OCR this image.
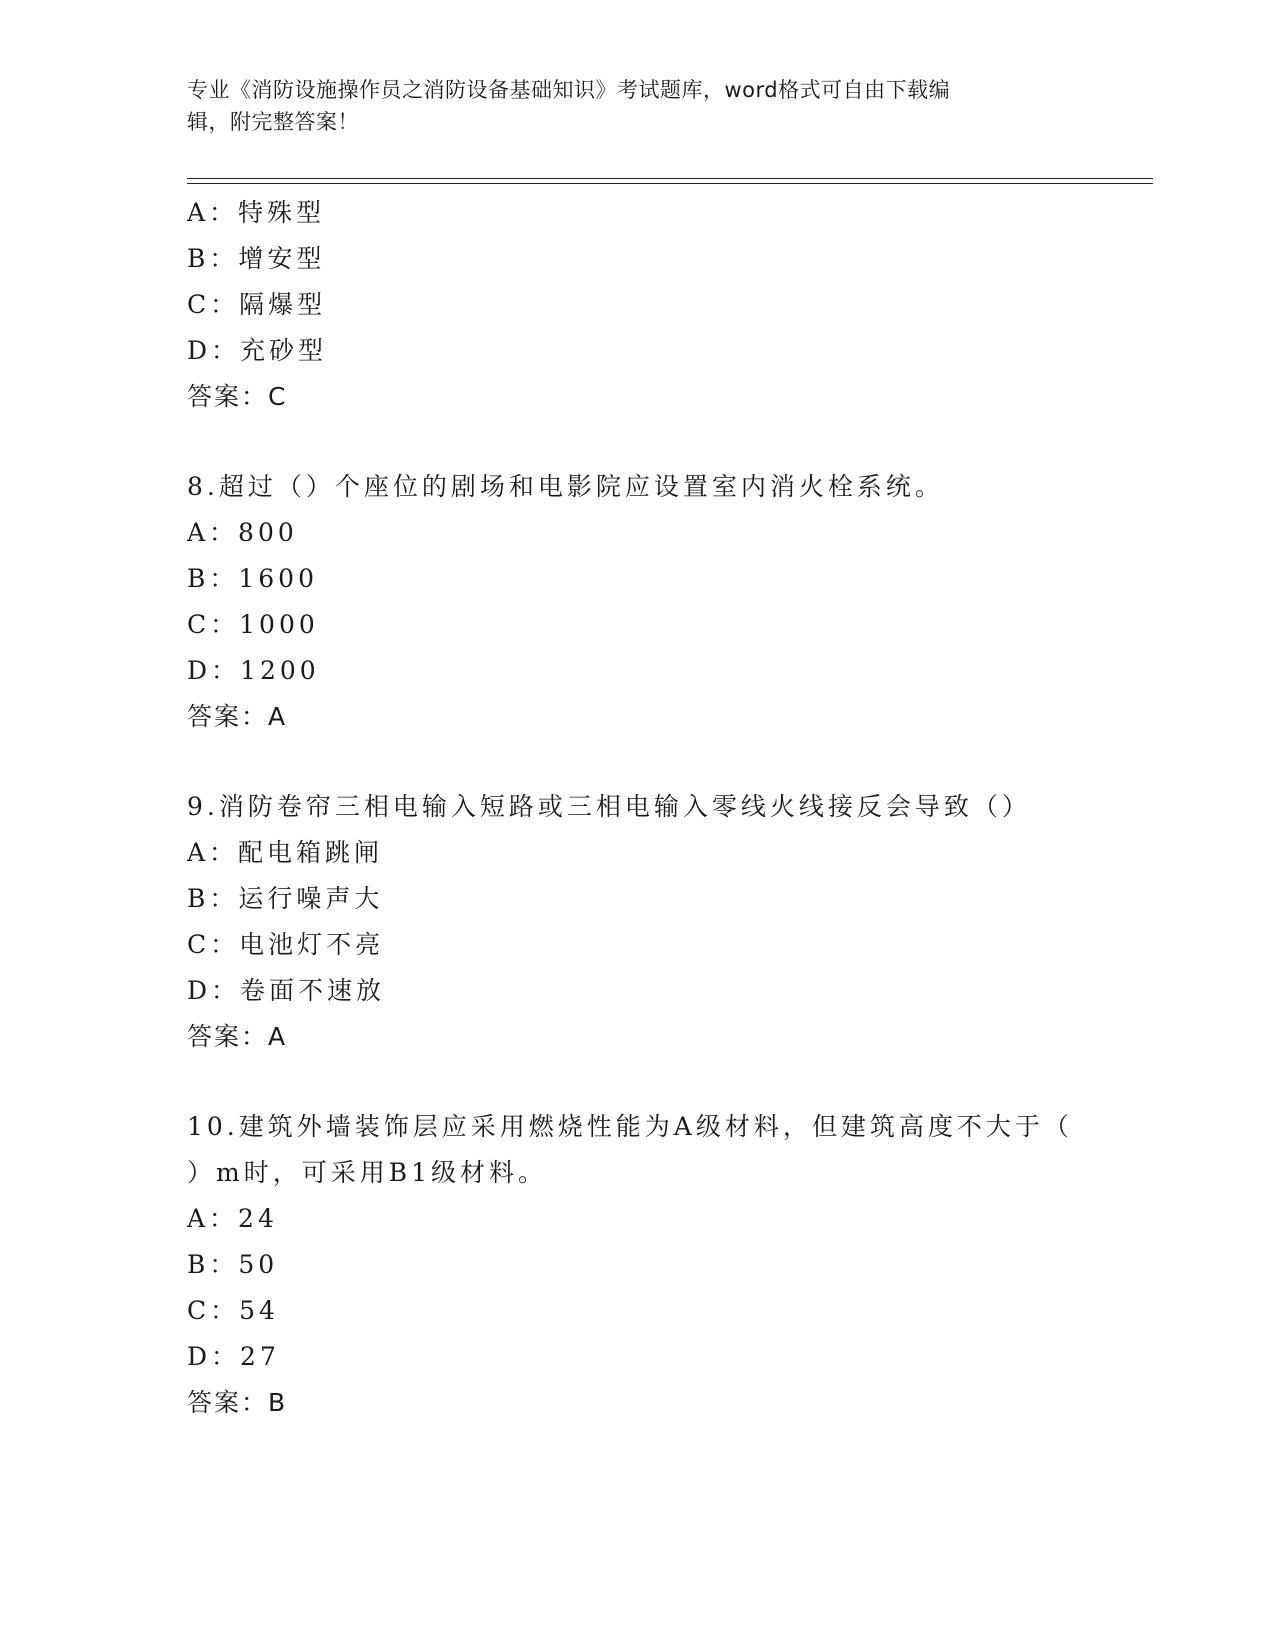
专业《消防设施操作员之消防设备基础知识》考试题库，word格式可自由下载编
辑，附完整答案！
A：特殊型
B：增安型
C：隔爆型
D：充砂型
答案：C
8.超过（）个座位的剧场和电影院应设置室内消火栓系统。
A：800
B：1600
C：1000
D：1200
答案：A
9.消防卷帘三相电输入短路或三相电输入零线火线接反会导致（）
A：配电箱跳闸
B：运行噪声大
C：电池灯不亮
D：卷面不速放
答案：A
10.建筑外墙装饰层应采用燃烧性能为A级材料，但建筑高度不大于（
）m时，可采用B1级材料。
A：24
B：50
C：54
D：27
答案：B
